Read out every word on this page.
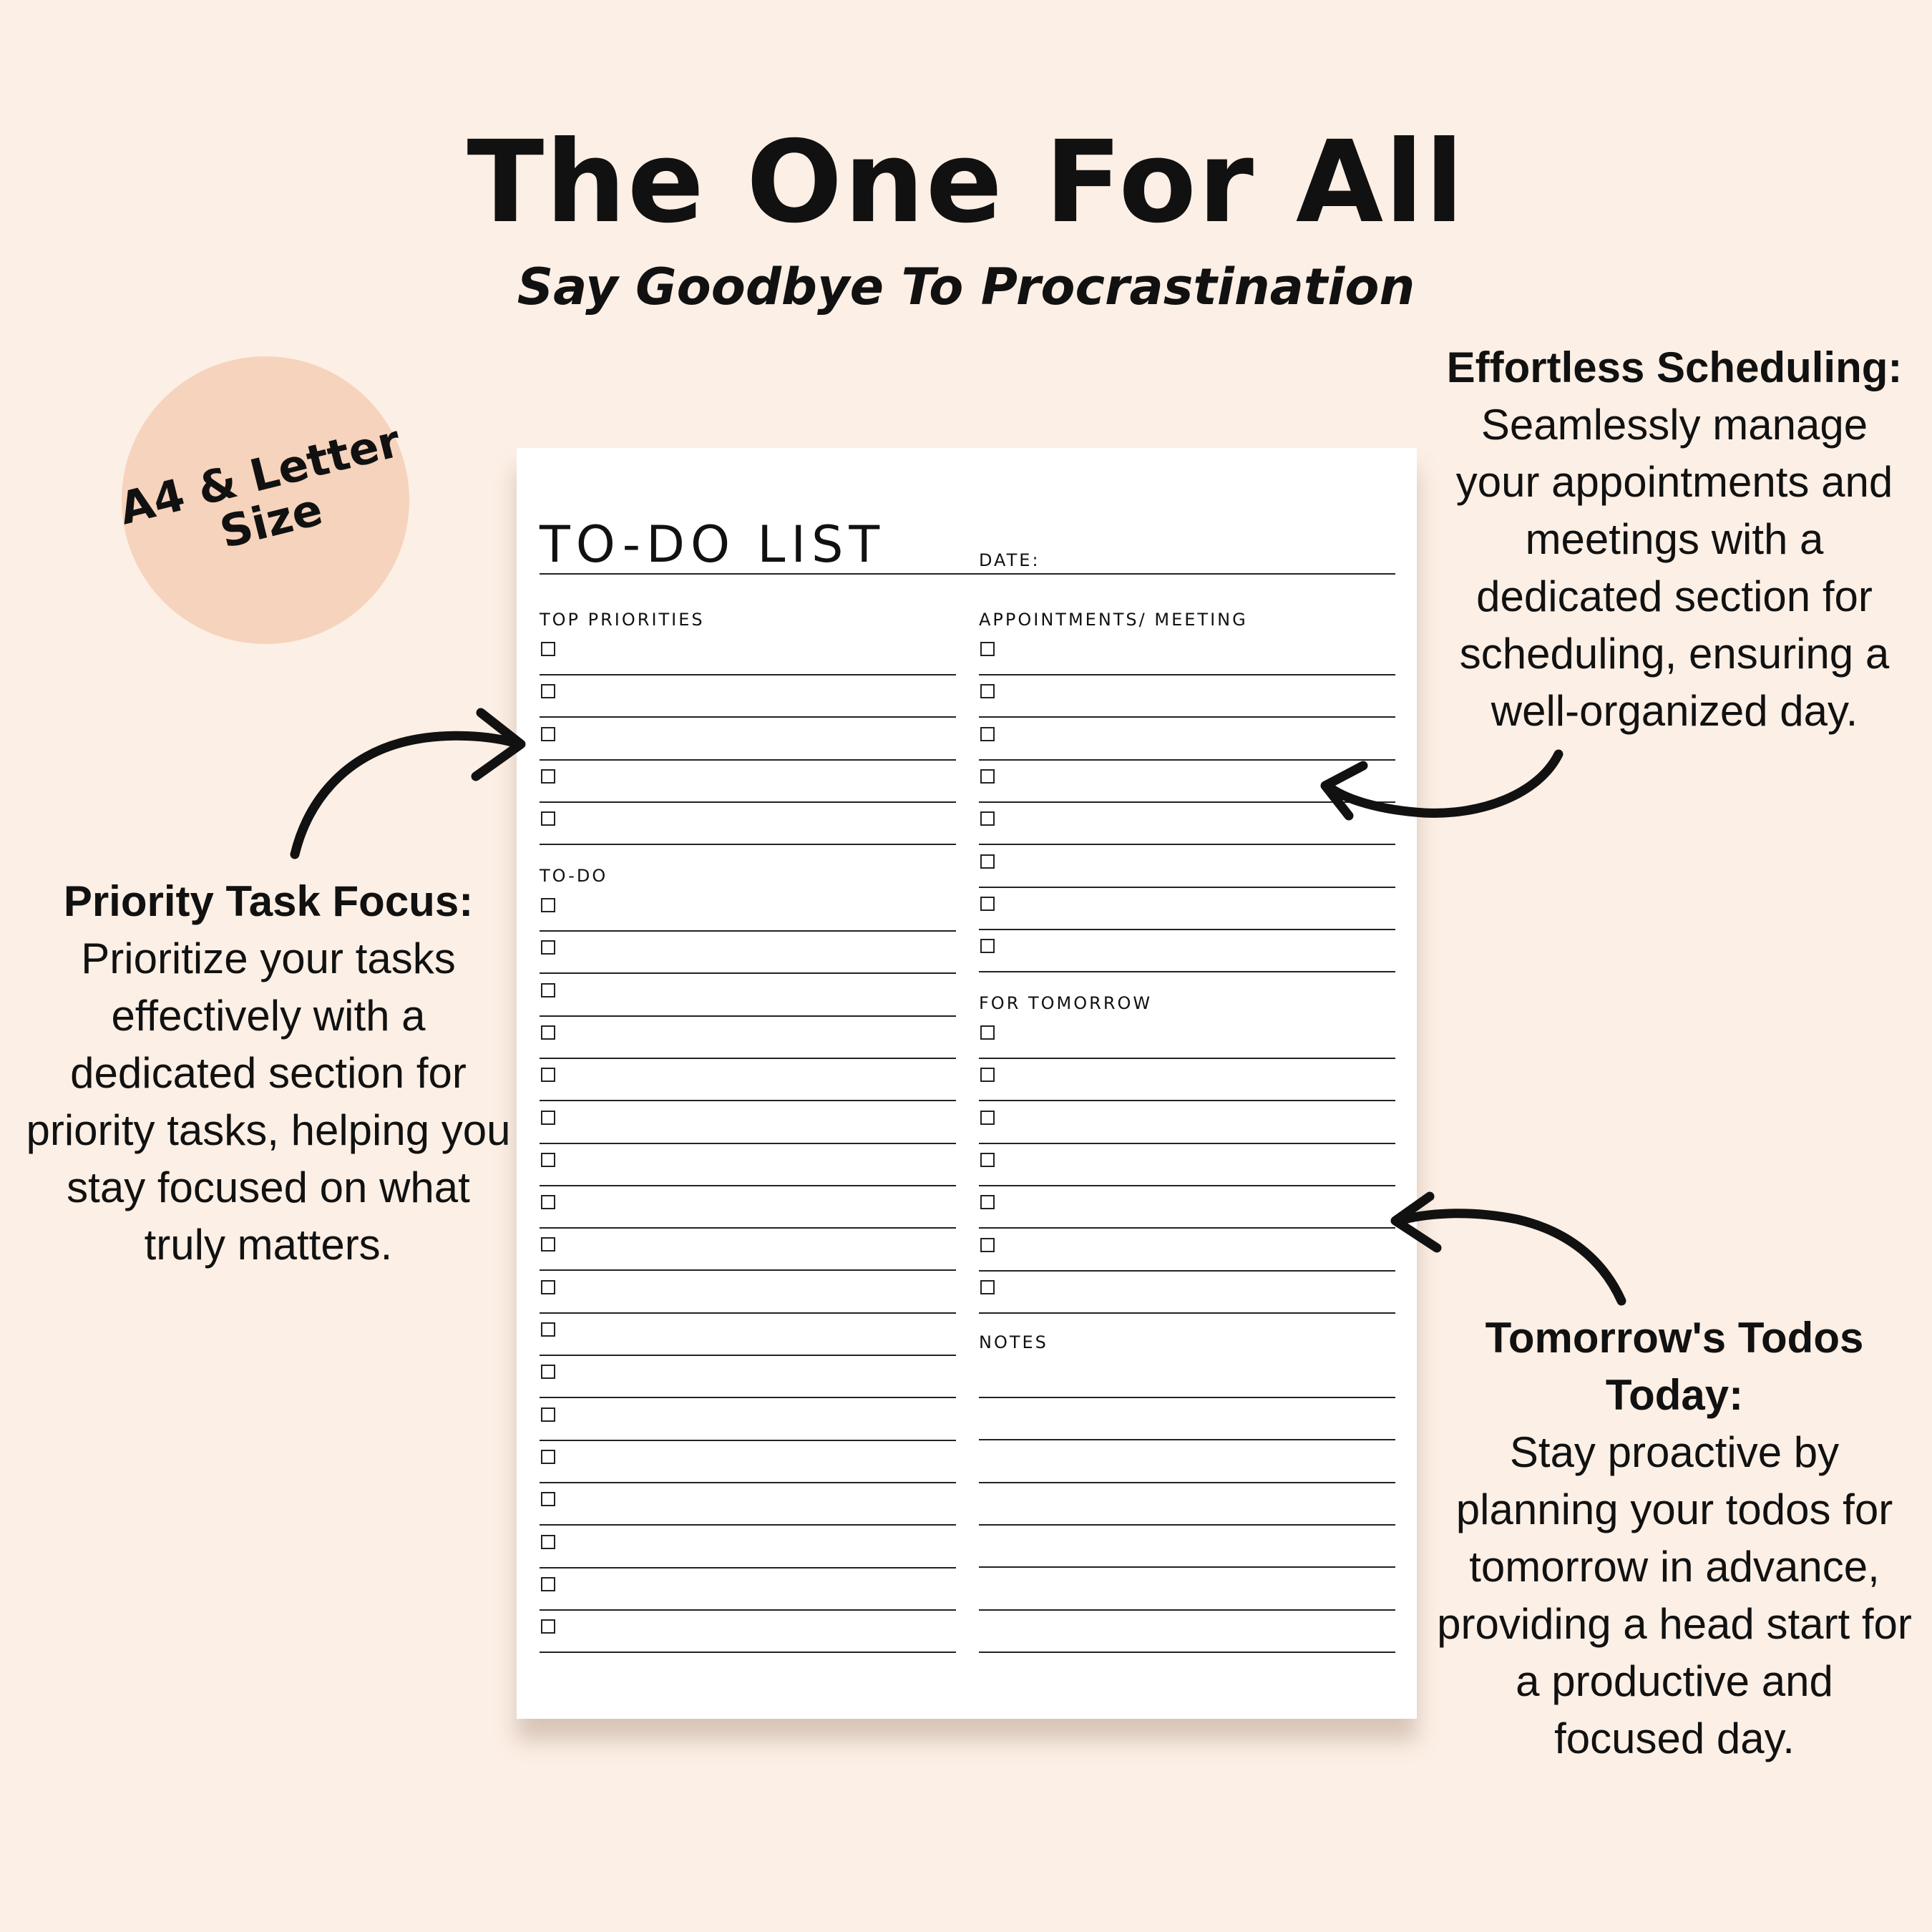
The One For All
Say Goodbye To Procrastination
A4 & Letter
Size
Priority Task Focus:
Prioritize your tasks effectively with a dedicated section for priority tasks, helping you stay focused on what truly matters.
Effortless Scheduling:
Seamlessly manage your appointments and meetings with a dedicated section for scheduling, ensuring a well-organized day.
Tomorrow's Todos Today:
Stay proactive by planning your todos for tomorrow in advance, providing a head start for a productive and focused day.
TO-DO LIST	DATE:
TOP PRIORITIES
TO-DO
APPOINTMENTS/ MEETING
FOR TOMORROW
NOTES
